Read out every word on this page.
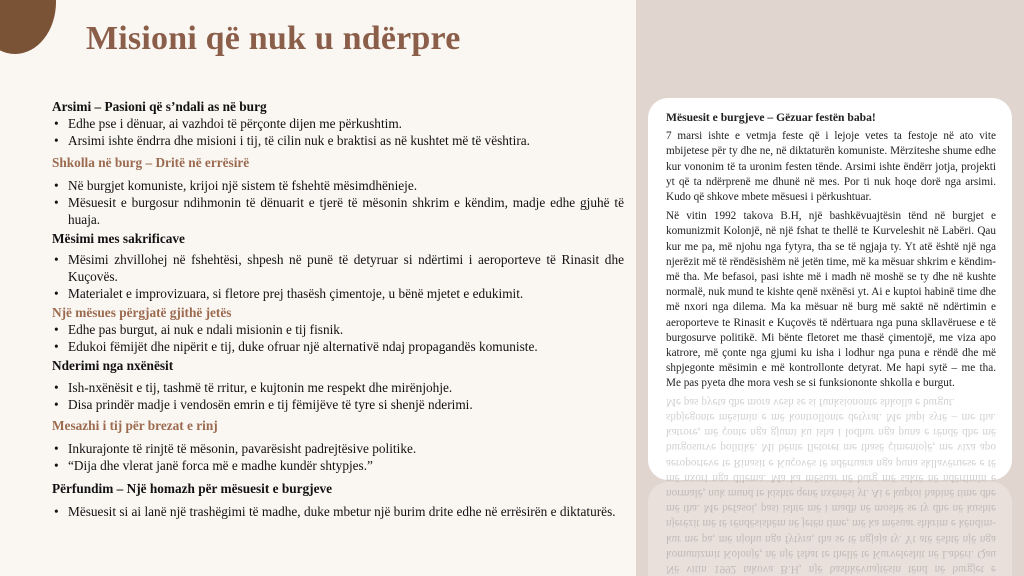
Misioni që nuk u ndërpre

Arsimi – Pasioni që s’ndali as në burg

• Edhe pse i dënuar, ai vazhdoi të përçonte dijen me përkushtim.
• Arsimi ishte ëndrra dhe misioni i tij, të cilin nuk e braktisi as në kushtet më të vështira.

Shkolla në burg – Dritë në errësirë

• Në burgjet komuniste, krijoi një sistem të fshehtë mësimdhënieje.
• Mësuesit e burgosur ndihmonin të dënuarit e tjerë të mësonin shkrim e këndim, madje edhe gjuhë të huaja.

Mësimi mes sakrificave

• Mësimi zhvillohej në fshehtësi, shpesh në punë të detyruar si ndërtimi i aeroporteve të Rinasit dhe Kuçovës.
• Materialet e improvizuara, si fletore prej thasësh çimentoje, u bënë mjetet e edukimit.

Një mësues përgjatë gjithë jetës

• Edhe pas burgut, ai nuk e ndali misionin e tij fisnik.
• Edukoi fëmijët dhe nipërit e tij, duke ofruar një alternativë ndaj propagandës komuniste.

Nderimi nga nxënësit

• Ish-nxënësit e tij, tashmë të rritur, e kujtonin me respekt dhe mirënjohje.
• Disa prindër madje i vendosën emrin e tij fëmijëve të tyre si shenjë nderimi.

Mesazhi i tij për brezat e rinj

• Inkurajonte të rinjtë të mësonin, pavarësisht padrejtësive politike.
• “Dija dhe vlerat janë forca më e madhe kundër shtypjes.”

Përfundim – Një homazh për mësuesit e burgjeve

• Mësuesit si ai lanë një trashëgimi të madhe, duke mbetur një burim drite edhe në errësirën e diktaturës.

Mësuesit e burgjeve – Gëzuar festën baba!

7 marsi ishte e vetmja feste që i lejoje vetes ta festoje në ato vite mbijetese për ty dhe ne, në diktaturën komuniste. Mërziteshe shume edhe kur vononim të ta uronim festen tënde. Arsimi ishte ëndërr jotja, projekti yt që ta ndërprenë me dhunë në mes. Por ti nuk hoqe dorë nga arsimi. Kudo që shkove mbete mësuesi i përkushtuar.

Në vitin 1992 takova B.H, një bashkëvuajtësin tënd në burgjet e komunizmit Kolonjë, në një fshat te thellë te Kurveleshit në Labëri. Qau kur me pa, më njohu nga fytyra, tha se të ngjaja ty. Yt atë është një nga njerëzit më të rëndësishëm në jetën time, më ka mësuar shkrim e këndim- më tha. Me befasoi, pasi ishte më i madh në moshë se ty dhe në kushte normalë, nuk mund te kishte qenë nxënësi yt. Ai e kuptoi habinë time dhe më nxori nga dilema. Ma ka mësuar në burg më saktë në ndërtimin e aeroporteve te Rinasit e Kuçovës të ndërtuara nga puna skllavëruese e të burgosurve politikë. Mi bënte fletoret me thasë çimentojë, me viza apo katrore, më çonte nga gjumi ku isha i lodhur nga puna e rëndë dhe më shpjegonte mësimin e më kontrollonte detyrat. Me hapi sytë – me tha. Me pas pyeta dhe mora vesh se si funksiononte shkolla e burgut.

Në vitin 1992 takova B.H, një bashkëvuajtësin tënd në burgjet e komunizmit Kolonjë, në një fshat te thellë te Kurveleshit në Labëri. Qau kur me pa, më njohu nga fytyra, tha se të ngjaja ty. Yt atë është një nga njerëzit më të rëndësishëm në jetën time, më ka mësuar shkrim e këndim- më tha. Me befasoi, pasi ishte më i madh në moshë se ty dhe në kushte normalë, nuk mund te kishte qenë nxënësi yt. Ai e kuptoi habinë time dhe më nxori nga dilema. Ma ka mësuar në burg më saktë në ndërtimin e aeroporteve te Rinasit e Kuçovës të ndërtuara nga puna skllavëruese e të burgosurve politikë. Mi bënte fletoret me thasë çimentojë, me viza apo katrore, më çonte nga gjumi ku isha i lodhur nga puna e rëndë dhe më shpjegonte mësimin e më kontrollonte detyrat. Me hapi sytë – me tha. Me pas pyeta dhe mora vesh se si funksiononte shkolla e burgut.
